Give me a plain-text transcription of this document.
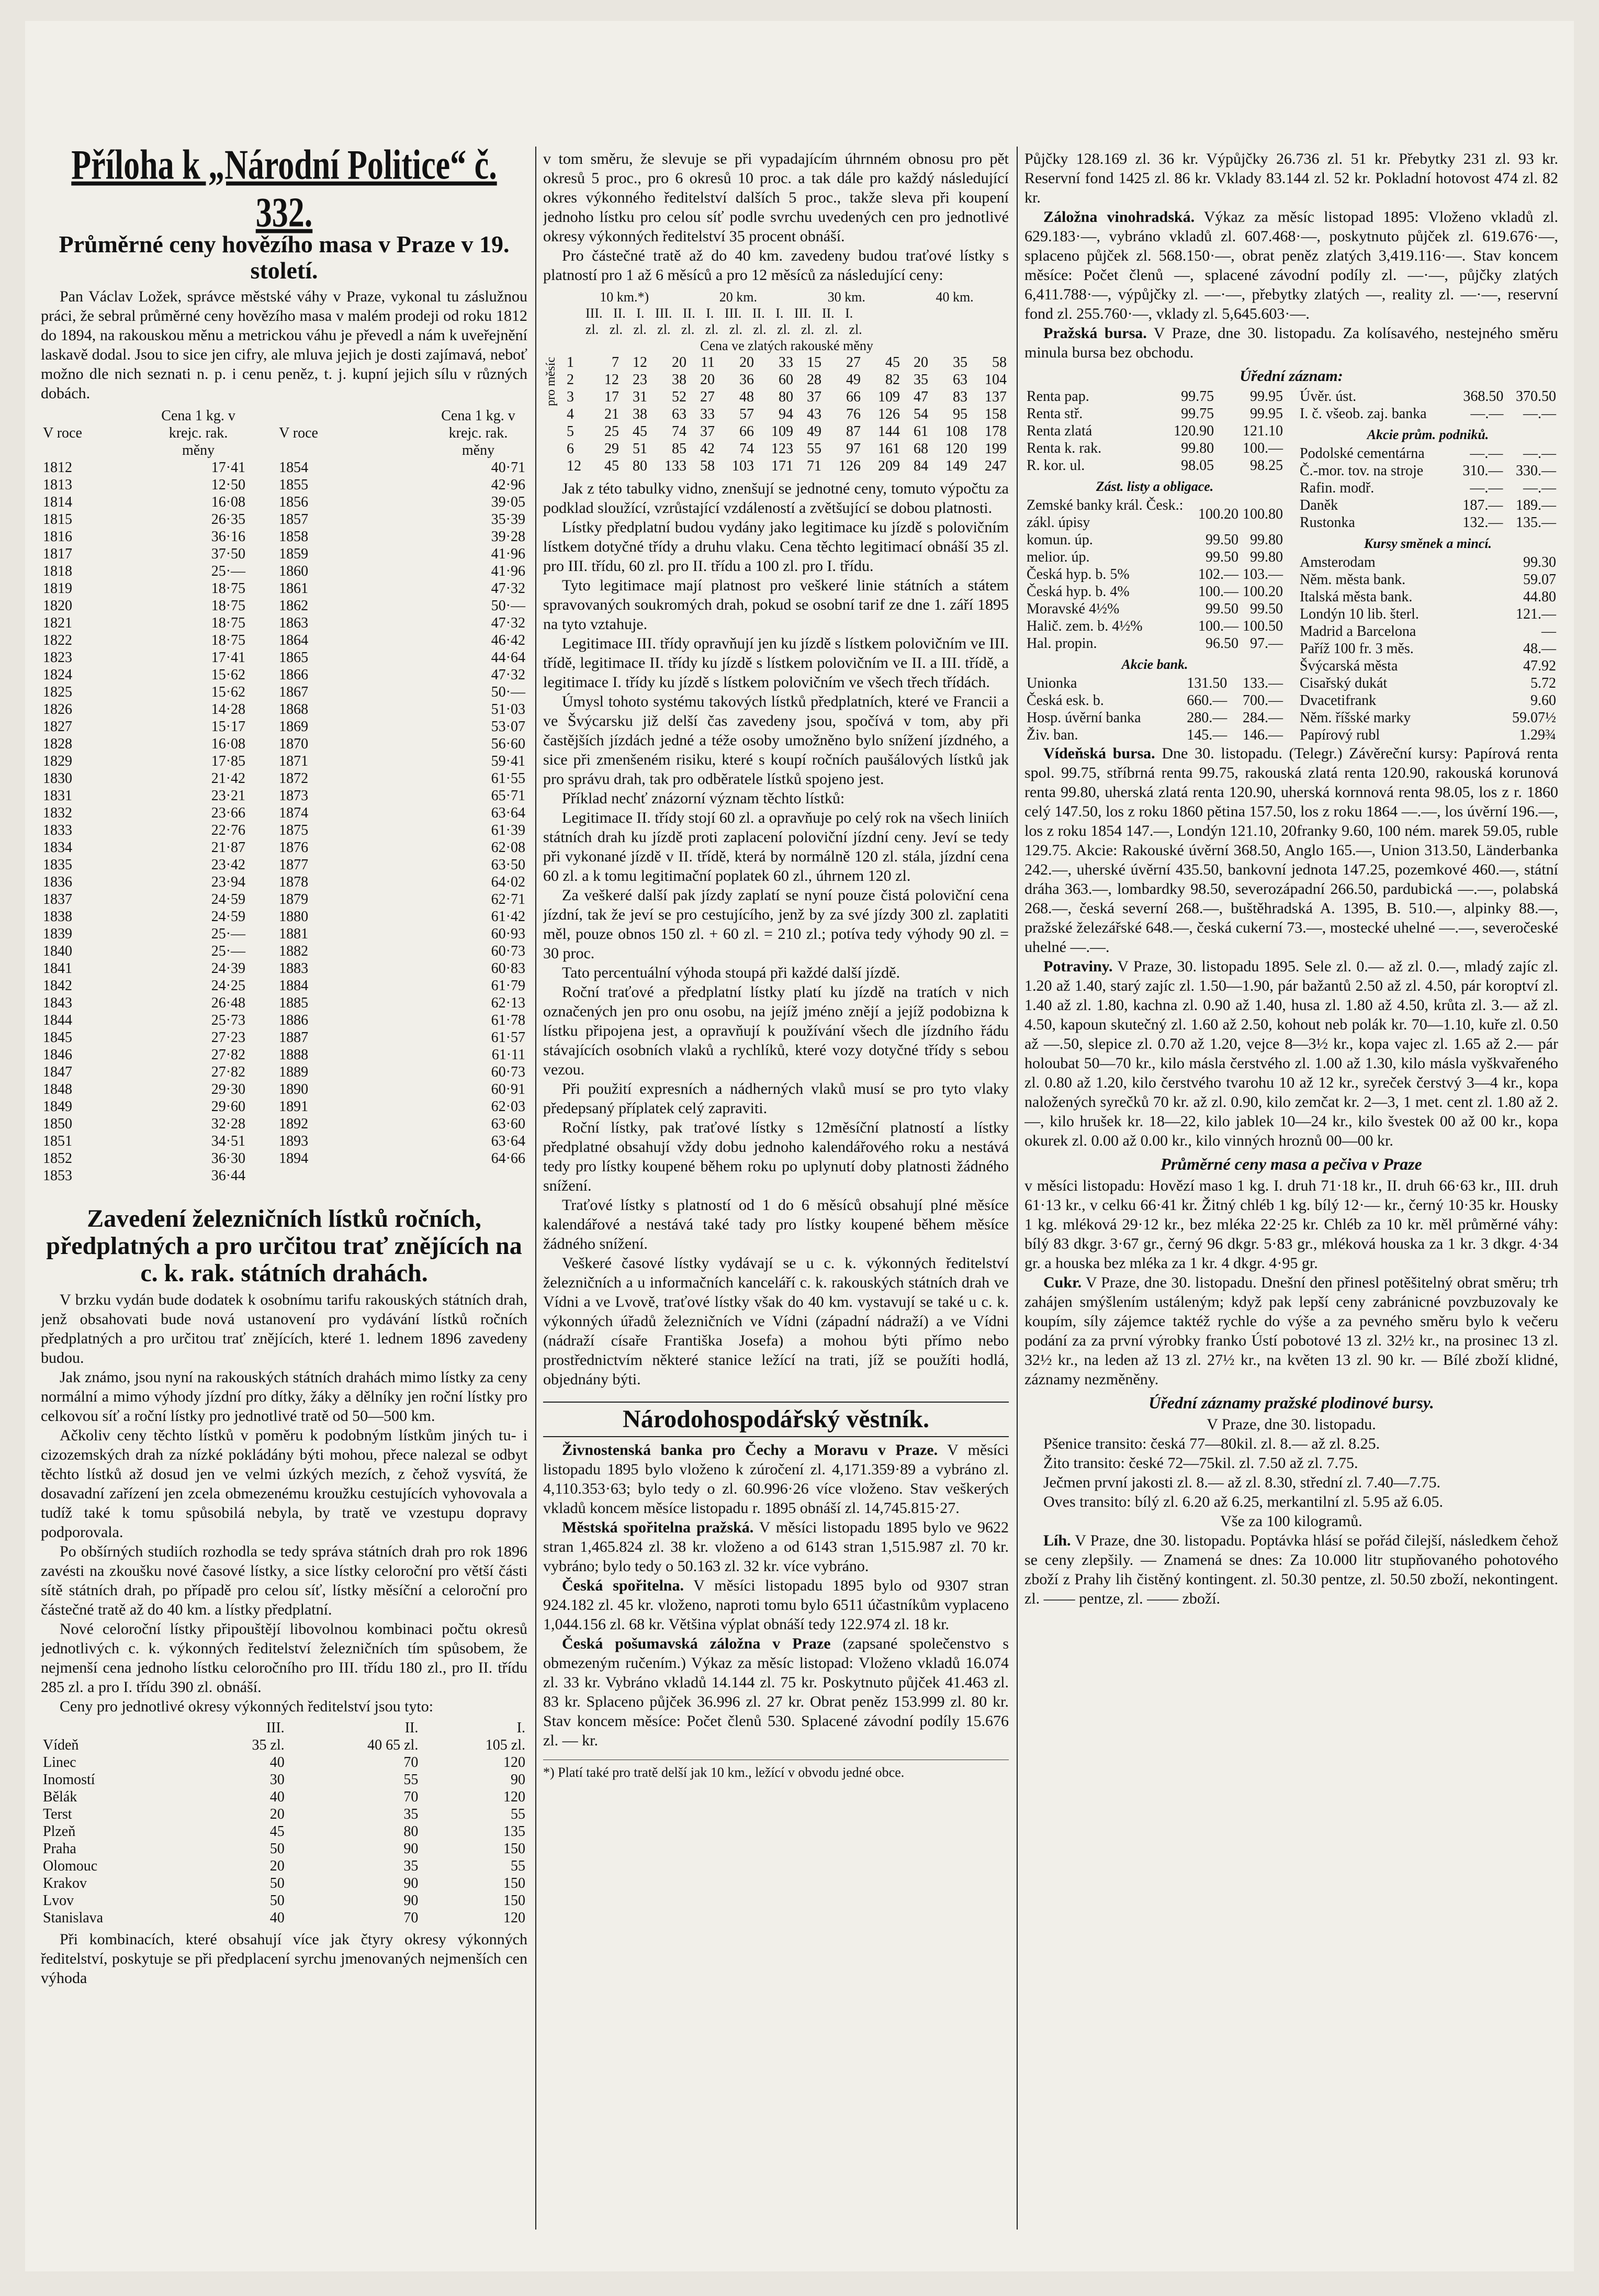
Příloha k „Národní Politice“ č. 332.
Průměrné ceny hovězího masa v Praze v 19. století.

Pan Václav Ložek, správce městské váhy v Praze, vykonal tu záslužnou práci, že sebral průměrné ceny hovězího masa v malém prodeji od roku 1812 do 1894, na rakouskou měnu a metrickou váhu je převedl a nám k uveřejnění laskavě dodal. Jsou to sice jen cifry, ale mluva jejich je dosti zajímavá, neboť možno dle nich seznati n. p. i cenu peněz, t. j. kupní jejich sílu v různých dobách.

V roce	Cena 1 kg. v krejc. rak. měny	V roce	Cena 1 kg. v krejc. rak. měny
1812	17·41	1854	40·71
1813	12·50	1855	42·96
1814	16·08	1856	39·05
1815	26·35	1857	35·39
1816	36·16	1858	39·28
1817	37·50	1859	41·96
1818	25·—	1860	41·96
1819	18·75	1861	47·32
1820	18·75	1862	50·—
1821	18·75	1863	47·32
1822	18·75	1864	46·42
1823	17·41	1865	44·64
1824	15·62	1866	47·32
1825	15·62	1867	50·—
1826	14·28	1868	51·03
1827	15·17	1869	53·07
1828	16·08	1870	56·60
1829	17·85	1871	59·41
1830	21·42	1872	61·55
1831	23·21	1873	65·71
1832	23·66	1874	63·64
1833	22·76	1875	61·39
1834	21·87	1876	62·08
1835	23·42	1877	63·50
1836	23·94	1878	64·02
1837	24·59	1879	62·71
1838	24·59	1880	61·42
1839	25·—	1881	60·93
1840	25·—	1882	60·73
1841	24·39	1883	60·83
1842	24·25	1884	61·79
1843	26·48	1885	62·13
1844	25·73	1886	61·78
1845	27·23	1887	61·57
1846	27·82	1888	61·11
1847	27·82	1889	60·73
1848	29·30	1890	60·91
1849	29·60	1891	62·03
1850	32·28	1892	63·60
1851	34·51	1893	63·64
1852	36·30	1894	64·66
1853	36·44		
Zavedení železničních lístků ročních, předplatných a pro určitou trať znějících na c. k. rak. státních drahách.

V brzku vydán bude dodatek k osobnímu tarifu rakouských státních drah, jenž obsahovati bude nová ustanovení pro vydávání lístků ročních předplatných a pro určitou trať znějících, které 1. lednem 1896 zavedeny budou.

Jak známo, jsou nyní na rakouských státních drahách mimo lístky za ceny normální a mimo výhody jízdní pro dítky, žáky a dělníky jen roční lístky pro celkovou síť a roční lístky pro jednotlivé tratě od 50—500 km.

Ačkoliv ceny těchto lístků v poměru k podobným lístkům jiných tu- i cizozemských drah za nízké pokládány býti mohou, přece nalezal se odbyt těchto lístků až dosud jen ve velmi úzkých mezích, z čehož vysvítá, že dosavadní zařízení jen zcela obmezenému kroužku cestujících vyhovovala a tudíž také k tomu spůsobilá nebyla, by tratě ve vzestupu dopravy podporovala.

Po obšírných studiích rozhodla se tedy správa státních drah pro rok 1896 zavésti na zkoušku nové časové lístky, a sice lístky celoroční pro větší části sítě státních drah, po případě pro celou síť, lístky měsíční a celoroční pro částečné tratě až do 40 km. a lístky předplatní.

Nové celoroční lístky připouštějí libovolnou kombinaci počtu okresů jednotlivých c. k. výkonných ředitelství železničních tím spůsobem, že nejmenší cena jednoho lístku celoročního pro III. třídu 180 zl., pro II. třídu 285 zl. a pro I. třídu 390 zl. obnáší.

Ceny pro jednotlivé okresy výkonných ředitelství jsou tyto:

	III.	II.	I.
Vídeň	35 zl.	40 65 zl.	105 zl.
Linec	40	70	120
Inomostí	30	55	90
Bělák	40	70	120
Terst	20	35	55
Plzeň	45	80	135
Praha	50	90	150
Olomouc	20	35	55
Krakov	50	90	150
Lvov	50	90	150
Stanislava	40	70	120

Při kombinacích, které obsahují více jak čtyry okresy výkonných ředitelství, poskytuje se při předplacení syrchu jmenovaných nejmenších cen výhoda

v tom směru, že slevuje se při vypadajícím úhrnném obnosu pro pět okresů 5 proc., pro 6 okresů 10 proc. a tak dále pro každý následující okres výkonného ředitelství dalších 5 proc., takže sleva při koupení jednoho lístku pro celou síť podle svrchu uvedených cen pro jednotlivé okresy výkonných ředitelství 35 procent obnáší.

Pro částečné tratě až do 40 km. zavedeny budou traťové lístky s platností pro 1 až 6 měsíců a pro 12 měsíců za následující ceny:

pro měsíc
10 km.*)	20 km.	30 km.	40 km.
III. II. I. III. II. I. III. II. I. III. II. I.
zl. zl. zl. zl. zl. zl. zl. zl. zl. zl. zl. zl.
Cena ve zlatých rakouské měny
1	7	12	20	11	20	33	15	27	45	20	35	58
2	12	23	38	20	36	60	28	49	82	35	63	104
3	17	31	52	27	48	80	37	66	109	47	83	137
4	21	38	63	33	57	94	43	76	126	54	95	158
5	25	45	74	37	66	109	49	87	144	61	108	178
6	29	51	85	42	74	123	55	97	161	68	120	199
12	45	80	133	58	103	171	71	126	209	84	149	247

Jak z této tabulky vidno, znenšují se jednotné ceny, tomuto výpočtu za podklad sloužící, vzrůstající vzdáleností a zvětšující se dobou platnosti.

Lístky předplatní budou vydány jako legitimace ku jízdě s polovičním lístkem dotyčné třídy a druhu vlaku. Cena těchto legitimací obnáší 35 zl. pro III. třídu, 60 zl. pro II. třídu a 100 zl. pro I. třídu.

Tyto legitimace mají platnost pro veškeré linie státních a státem spravovaných soukromých drah, pokud se osobní tarif ze dne 1. září 1895 na tyto vztahuje.

Legitimace III. třídy opravňují jen ku jízdě s lístkem polovičním ve III. třídě, legitimace II. třídy ku jízdě s lístkem polovičním ve II. a III. třídě, a legitimace I. třídy ku jízdě s lístkem polovičním ve všech třech třídách.

Úmysl tohoto systému takových lístků předplatních, které ve Francii a ve Švýcarsku již delší čas zavedeny jsou, spočívá v tom, aby při častějších jízdách jedné a téže osoby umožněno bylo snížení jízdného, a sice při zmenšeném risiku, které s koupí ročních paušálových lístků jak pro správu drah, tak pro odběratele lístků spojeno jest.

Příklad nechť znázorní význam těchto lístků:

Legitimace II. třídy stojí 60 zl. a opravňuje po celý rok na všech liniích státních drah ku jízdě proti zaplacení poloviční jízdní ceny. Jeví se tedy při vykonané jízdě v II. třídě, která by normálně 120 zl. stála, jízdní cena 60 zl. a k tomu legitimační poplatek 60 zl., úhrnem 120 zl.

Za veškeré další pak jízdy zaplatí se nyní pouze čistá poloviční cena jízdní, tak že jeví se pro cestujícího, jenž by za své jízdy 300 zl. zaplatiti měl, pouze obnos 150 zl. + 60 zl. = 210 zl.; potíva tedy výhody 90 zl. = 30 proc.

Tato percentuální výhoda stoupá při každé další jízdě.

Roční traťové a předplatní lístky platí ku jízdě na tratích v nich označených jen pro onu osobu, na jejíž jméno znějí a jejíž podobizna k lístku připojena jest, a opravňují k používání všech dle jízdního řádu stávajících osobních vlaků a rychlíků, které vozy dotyčné třídy s sebou vezou.

Při použití expresních a nádherných vlaků musí se pro tyto vlaky předepsaný příplatek celý zapraviti.

Roční lístky, pak traťové lístky s 12měsíční platností a lístky předplatné obsahují vždy dobu jednoho kalendářového roku a nestává tedy pro lístky koupené během roku po uplynutí doby platnosti žádného snížení.

Traťové lístky s platností od 1 do 6 měsíců obsahují plné měsíce kalendářové a nestává také tady pro lístky koupené během měsíce žádného snížení.

Veškeré časové lístky vydávají se u c. k. výkonných ředitelství železničních a u informačních kanceláří c. k. rakouských státních drah ve Vídni a ve Lvově, traťové lístky však do 40 km. vystavují se také u c. k. výkonných úřadů železničních ve Vídni (západní nádraží) a ve Vídni (nádraží císaře Františka Josefa) a mohou býti přímo nebo prostřednictvím některé stanice ležící na trati, jíž se použíti hodlá, objednány býti.

Národohospodářský věstník.

Živnostenská banka pro Čechy a Moravu v Praze. V měsíci listopadu 1895 bylo vloženo k zúročení zl. 4,171.359·89 a vybráno zl. 4,110.353·63; bylo tedy o zl. 60.996·26 více vloženo. Stav veškerých vkladů koncem měsíce listopadu r. 1895 obnáší zl. 14,745.815·27.

Městská spořitelna pražská. V měsíci listopadu 1895 bylo ve 9622 stran 1,465.824 zl. 38 kr. vloženo a od 6143 stran 1,515.987 zl. 70 kr. vybráno; bylo tedy o 50.163 zl. 32 kr. více vybráno.

Česká spořitelna. V měsíci listopadu 1895 bylo od 9307 stran 924.182 zl. 45 kr. vloženo, naproti tomu bylo 6511 účastníkům vyplaceno 1,044.156 zl. 68 kr. Většina výplat obnáší tedy 122.974 zl. 18 kr.

Česká pošumavská záložna v Praze (zapsané společenstvo s obmezeným ručením.) Výkaz za měsíc listopad: Vloženo vkladů 16.074 zl. 33 kr. Vybráno vkladů 14.144 zl. 75 kr. Poskytnuto půjček 41.463 zl. 83 kr. Splaceno půjček 36.996 zl. 27 kr. Obrat peněz 153.999 zl. 80 kr. Stav koncem měsíce: Počet členů 530. Splacené závodní podíly 15.676 zl. — kr.

*) Platí také pro tratě delší jak 10 km., ležící v obvodu jedné obce.

Půjčky 128.169 zl. 36 kr. Výpůjčky 26.736 zl. 51 kr. Přebytky 231 zl. 93 kr. Reservní fond 1425 zl. 86 kr. Vklady 83.144 zl. 52 kr. Pokladní hotovost 474 zl. 82 kr.

Záložna vinohradská. Výkaz za měsíc listopad 1895: Vloženo vkladů zl. 629.183·—, vybráno vkladů zl. 607.468·—, poskytnuto půjček zl. 619.676·—, splaceno půjček zl. 568.150·—, obrat peněz zlatých 3,419.116·—. Stav koncem měsíce: Počet členů —, splacené závodní podíly zl. —·—, půjčky zlatých 6,411.788·—, výpůjčky zl. —·—, přebytky zlatých —, reality zl. —·—, reservní fond zl. 255.760·—, vklady zl. 5,645.603·—.

Pražská bursa. V Praze, dne 30. listopadu. Za kolísavého, nestejného směru minula bursa bez obchodu.

Úřední záznam:
Renta pap.	99.75	99.95
Renta stř.	99.75	99.95
Renta zlatá	120.90	121.10
Renta k. rak.	99.80	100.—
R. kor. ul.	98.05	98.25
Zást. listy a obligace.
Zemské banky král. Česk.: zákl. úpisy	100.20	100.80
komun. úp.	99.50	99.80
melior. úp.	99.50	99.80
Česká hyp. b. 5%	102.—	103.—
Česká hyp. b. 4%	100.—	100.20
Moravské 4½%	99.50	99.50
Halič. zem. b. 4½%	100.—	100.50
Hal. propin.	96.50	97.—
Akcie bank.
Unionka	131.50	133.—
Česká esk. b.	660.—	700.—
Hosp. úvěrní banka	280.—	284.—
Živ. ban.	145.—	146.—
Úvěr. úst.	368.50	370.50
I. č. všeob. zaj. banka	—.—	—.—
Akcie prům. podniků.
Podolské cementárna	—.—	—.—
Č.-mor. tov. na stroje	310.—	330.—
Rafin. modř.	—.—	—.—
Daněk	187.—	189.—
Rustonka	132.—	135.—
Kursy směnek a mincí.
Amsterodam	99.30
Něm. města bank.	59.07
Italská města bank.	44.80
Londýn 10 lib. šterl.	121.—
Madrid a Barcelona	—
Paříž 100 fr. 3 měs.	48.—
Švýcarská města	47.92
Cisařský dukát	5.72
Dvacetifrank	9.60
Něm. říšské marky	59.07½
Papírový rubl	1.29¾

Vídeňská bursa. Dne 30. listopadu. (Telegr.) Závěreční kursy: Papírová renta spol. 99.75, stříbrná renta 99.75, rakouská zlatá renta 120.90, rakouská korunová renta 99.80, uherská zlatá renta 120.90, uherská kornnová renta 98.05, los z r. 1860 celý 147.50, los z roku 1860 pětina 157.50, los z roku 1864 —.—, los úvěrní 196.—, los z roku 1854 147.—, Londýn 121.10, 20franky 9.60, 100 ném. marek 59.05, ruble 129.75. Akcie: Rakouské úvěrní 368.50, Anglo 165.—, Union 313.50, Länderbanka 242.—, uherské úvěrní 435.50, bankovní jednota 147.25, pozemkové 460.—, státní dráha 363.—, lombardky 98.50, severozápadní 266.50, pardubická —.—, polabská 268.—, česká severní 268.—, buštěhradská A. 1395, B. 510.—, alpinky 88.—, pražské železářské 648.—, česká cukerní 73.—, mostecké uhelné —.—, severočeské uhelné —.—.

Potraviny. V Praze, 30. listopadu 1895. Sele zl. 0.— až zl. 0.—, mladý zajíc zl. 1.20 až 1.40, starý zajíc zl. 1.50—1.90, pár bažantů 2.50 až zl. 4.50, pár koroptví zl. 1.40 až zl. 1.80, kachna zl. 0.90 až 1.40, husa zl. 1.80 až 4.50, krůta zl. 3.— až zl. 4.50, kapoun skutečný zl. 1.60 až 2.50, kohout neb polák kr. 70—1.10, kuře zl. 0.50 až —.50, slepice zl. 0.70 až 1.20, vejce 8—3½ kr., kopa vajec zl. 1.65 až 2.— pár holoubat 50—70 kr., kilo másla čerstvého zl. 1.00 až 1.30, kilo másla vyškvařeného zl. 0.80 až 1.20, kilo čerstvého tvarohu 10 až 12 kr., syreček čerstvý 3—4 kr., kopa naložených syrečků 70 kr. až zl. 0.90, kilo zemčat kr. 2—3, 1 met. cent zl. 1.80 až 2.—, kilo hrušek kr. 18—22, kilo jablek 10—24 kr., kilo švestek 00 až 00 kr., kopa okurek zl. 0.00 až 0.00 kr., kilo vinných hroznů 00—00 kr.

Průměrné ceny masa a pečiva v Praze

v měsíci listopadu: Hovězí maso 1 kg. I. druh 71·18 kr., II. druh 66·63 kr., III. druh 61·13 kr., v celku 66·41 kr. Žitný chléb 1 kg. bílý 12·— kr., černý 10·35 kr. Housky 1 kg. mléková 29·12 kr., bez mléka 22·25 kr. Chléb za 10 kr. měl průměrné váhy: bílý 83 dkgr. 3·67 gr., černý 96 dkgr. 5·83 gr., mléková houska za 1 kr. 3 dkgr. 4·34 gr. a houska bez mléka za 1 kr. 4 dkgr. 4·95 gr.

Cukr. V Praze, dne 30. listopadu. Dnešní den přinesl potěšitelný obrat směru; trh zahájen smýšlením ustáleným; když pak lepší ceny zabránicné povzbuzovaly ke koupím, síly zájemce taktéž rychle do výše a za pevného směru bylo k večeru podání za za první výrobky franko Ústí pobotové 13 zl. 32½ kr., na prosinec 13 zl. 32½ kr., na leden až 13 zl. 27½ kr., na květen 13 zl. 90 kr. — Bílé zboží klidné, záznamy nezměněny.

Úřední záznamy pražské plodinové bursy.

V Praze, dne 30. listopadu.

Pšenice transito: česká 77—80kil. zl. 8.— až zl. 8.25.

Žito transito: české 72—75kil. zl. 7.50 až zl. 7.75.

Ječmen první jakosti zl. 8.— až zl. 8.30, střední zl. 7.40—7.75.

Oves transito: bílý zl. 6.20 až 6.25, merkantilní zl. 5.95 až 6.05.

Vše za 100 kilogramů.

Líh. V Praze, dne 30. listopadu. Poptávka hlásí se pořád čilejší, následkem čehož se ceny zlepšily. — Znamená se dnes: Za 10.000 litr stupňovaného pohotového zboží z Prahy lih čistěný kontingent. zl. 50.30 pentze, zl. 50.50 zboží, nekontingent. zl. —— pentze, zl. —— zboží.
